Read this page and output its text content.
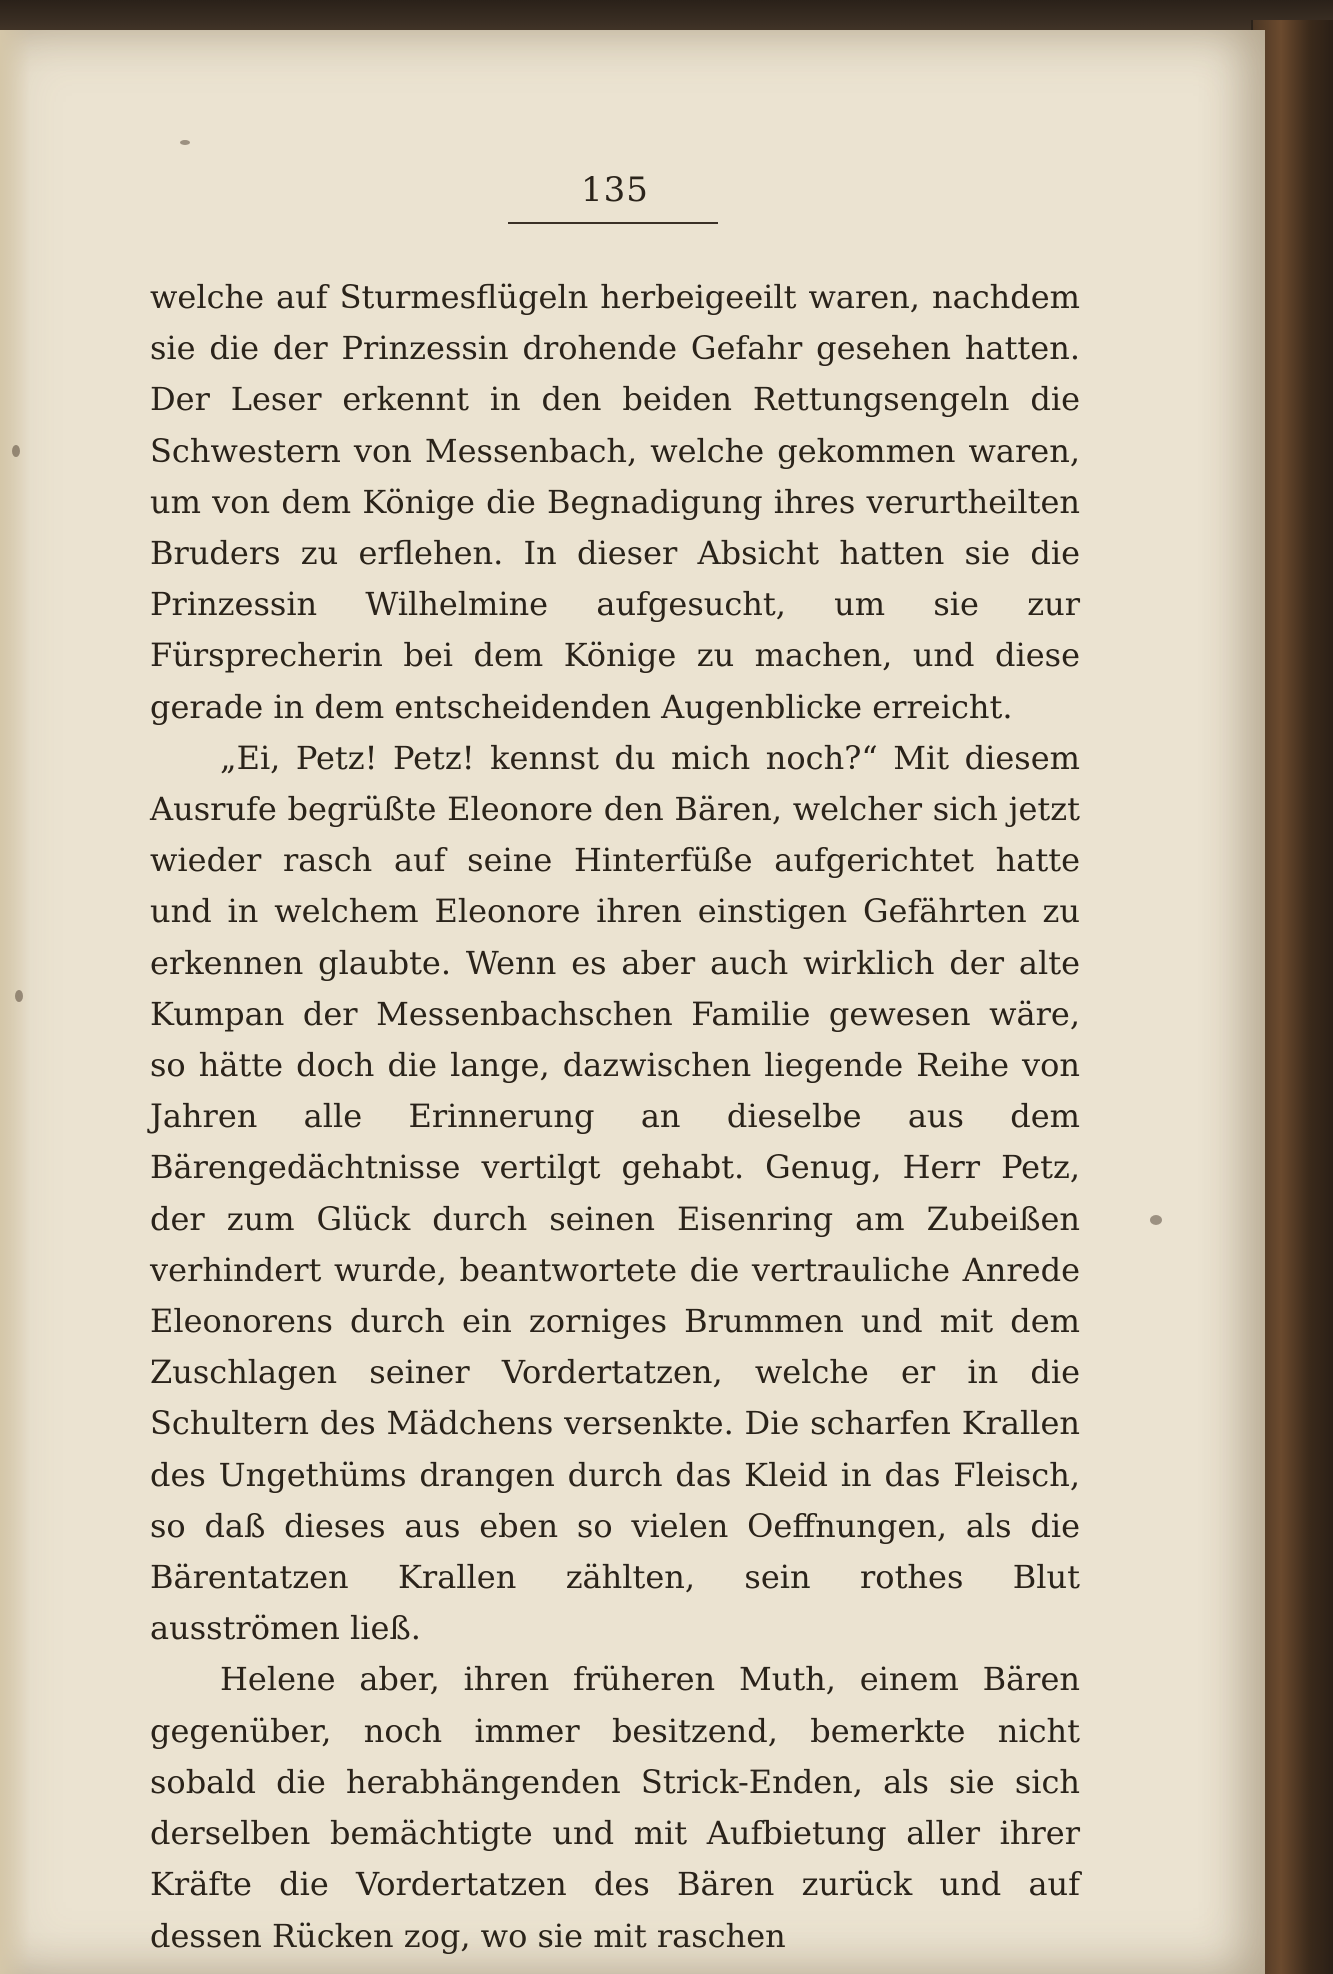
135

welche auf Sturmesflügeln herbeigeeilt waren, nachdem sie die der Prinzessin drohende Gefahr gesehen hatten. Der Leser erkennt in den beiden Rettungsengeln die Schwestern von Messenbach, welche gekommen waren, um von dem Könige die Begnadigung ihres verurtheilten Bruders zu erflehen. In dieser Absicht hatten sie die Prinzessin Wilhelmine aufgesucht, um sie zur Fürsprecherin bei dem Könige zu machen, und diese gerade in dem entscheidenden Augenblicke erreicht.

„Ei, Petz! Petz! kennst du mich noch?“ Mit diesem Ausrufe begrüßte Eleonore den Bären, welcher sich jetzt wieder rasch auf seine Hinterfüße aufgerichtet hatte und in welchem Eleonore ihren einstigen Gefährten zu erkennen glaubte. Wenn es aber auch wirklich der alte Kumpan der Messenbachschen Familie gewesen wäre, so hätte doch die lange, dazwischen liegende Reihe von Jahren alle Erinnerung an dieselbe aus dem Bärengedächtnisse vertilgt gehabt. Genug, Herr Petz, der zum Glück durch seinen Eisenring am Zubeißen verhindert wurde, beantwortete die vertrauliche Anrede Eleonorens durch ein zorniges Brummen und mit dem Zuschlagen seiner Vordertatzen, welche er in die Schultern des Mädchens versenkte. Die scharfen Krallen des Ungethüms drangen durch das Kleid in das Fleisch, so daß dieses aus eben so vielen Oeffnungen, als die Bärentatzen Krallen zählten, sein rothes Blut ausströmen ließ.

Helene aber, ihren früheren Muth, einem Bären gegenüber, noch immer besitzend, bemerkte nicht sobald die herabhängenden Strick-Enden, als sie sich derselben bemächtigte und mit Aufbietung aller ihrer Kräfte die Vordertatzen des Bären zurück und auf dessen Rücken zog, wo sie mit raschen
